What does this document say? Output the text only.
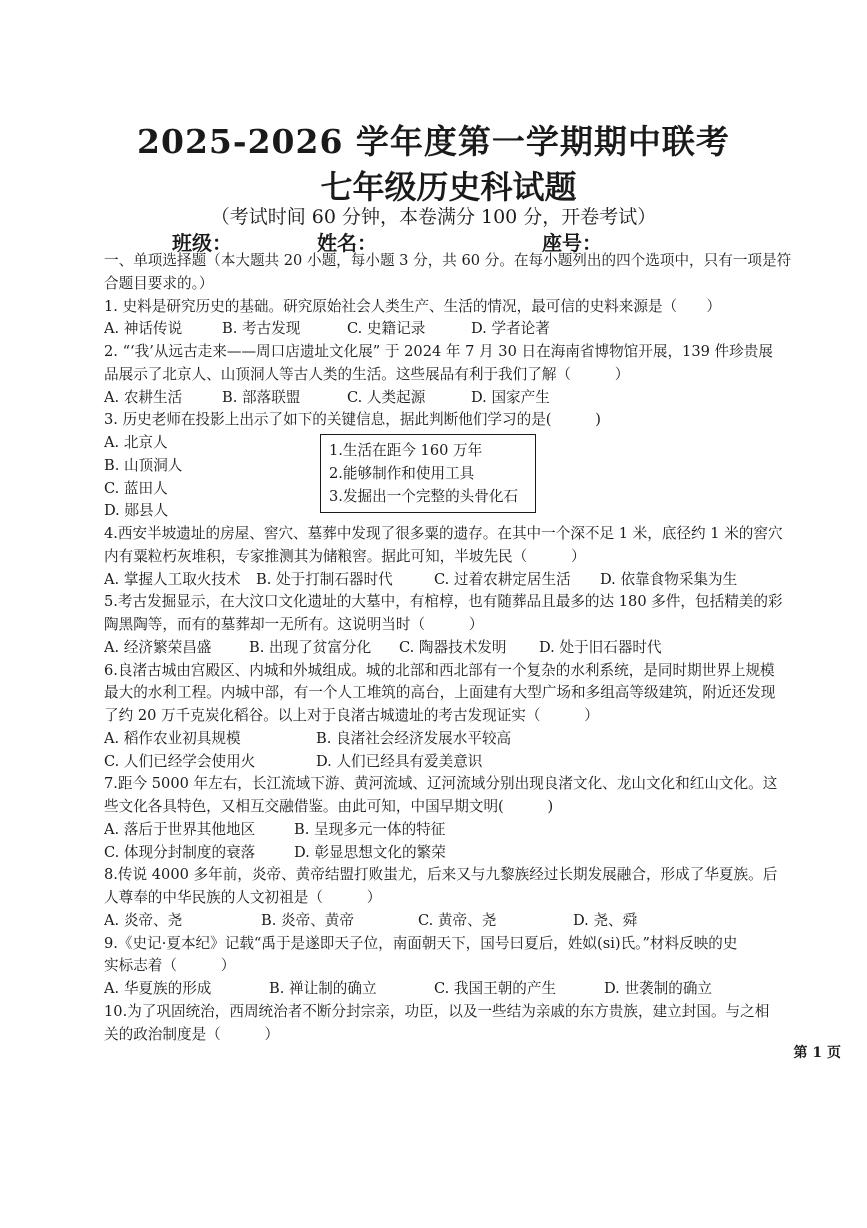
2025-2026 学年度第一学期期中联考
七年级历史科试题
（考试时间 60 分钟，本卷满分 100 分，开卷考试）
班级：	姓名：	座号：

一、单项选择题（本大题共 20 小题，每小题 3 分，共 60 分。在每小题列出的四个选项中，只有一项是符

合题目要求的。）

1. 史料是研究历史的基础。研究原始社会人类生产、生活的情况，最可信的史料来源是（　　）

A. 神话传说	B. 考古发现	C. 史籍记录	D. 学者论著

2. “‘我’从远古走来——周口店遗址文化展” 于 2024 年 7 月 30 日在海南省博物馆开展，139 件珍贵展

品展示了北京人、山顶洞人等古人类的生活。这些展品有利于我们了解（　　　）

A. 农耕生活	B. 部落联盟	C. 人类起源	D. 国家产生

3. 历史老师在投影上出示了如下的关键信息，据此判断他们学习的是(　　　)

A. 北京人

B. 山顶洞人

C. 蓝田人

D. 郧县人

4.西安半坡遗址的房屋、窖穴、墓葬中发现了很多粟的遗存。在其中一个深不足 1 米，底径约 1 米的窖穴

内有粟粒朽灰堆积，专家推测其为储粮窖。据此可知，半坡先民（　　　）

A. 掌握人工取火技术	B. 处于打制石器时代	C. 过着农耕定居生活	D. 依靠食物采集为生

5.考古发掘显示，在大汶口文化遗址的大墓中，有棺椁，也有随葬品且最多的达 180 多件，包括精美的彩

陶黑陶等，而有的墓葬却一无所有。这说明当时（　　　）

A. 经济繁荣昌盛	B. 出现了贫富分化	C. 陶器技术发明	D. 处于旧石器时代

6.良渚古城由宫殿区、内城和外城组成。城的北部和西北部有一个复杂的水利系统，是同时期世界上规模

最大的水利工程。内城中部，有一个人工堆筑的高台，上面建有大型广场和多组高等级建筑，附近还发现

了约 20 万千克炭化稻谷。以上对于良渚古城遗址的考古发现证实（　　　）

A. 稻作农业初具规模	B. 良渚社会经济发展水平较高

C. 人们已经学会使用火	D. 人们已经具有爱美意识

7.距今 5000 年左右，长江流域下游、黄河流域、辽河流域分别出现良渚文化、龙山文化和红山文化。这

些文化各具特色，又相互交融借鉴。由此可知，中国早期文明(　　　)

A. 落后于世界其他地区	B. 呈现多元一体的特征

C. 体现分封制度的衰落	D. 彰显思想文化的繁荣

8.传说 4000 多年前，炎帝、黄帝结盟打败蚩尤，后来又与九黎族经过长期发展融合，形成了华夏族。后

人尊奉的中华民族的人文初祖是（　　　）

A. 炎帝、尧	B. 炎帝、黄帝	C. 黄帝、尧	D. 尧、舜

9.《史记·夏本纪》记载“禹于是遂即天子位，南面朝天下，国号曰夏后，姓姒(si)氏。”材料反映的史

实标志着（　　　）

A. 华夏族的形成	B. 禅让制的确立	C. 我国王朝的产生	D. 世袭制的确立

10.为了巩固统治，西周统治者不断分封宗亲，功臣，以及一些结为亲戚的东方贵族，建立封国。与之相

关的政治制度是（　　　）

1.生活在距今 160 万年
2.能够制作和使用工具
3.发掘出一个完整的头骨化石
第 1 页
